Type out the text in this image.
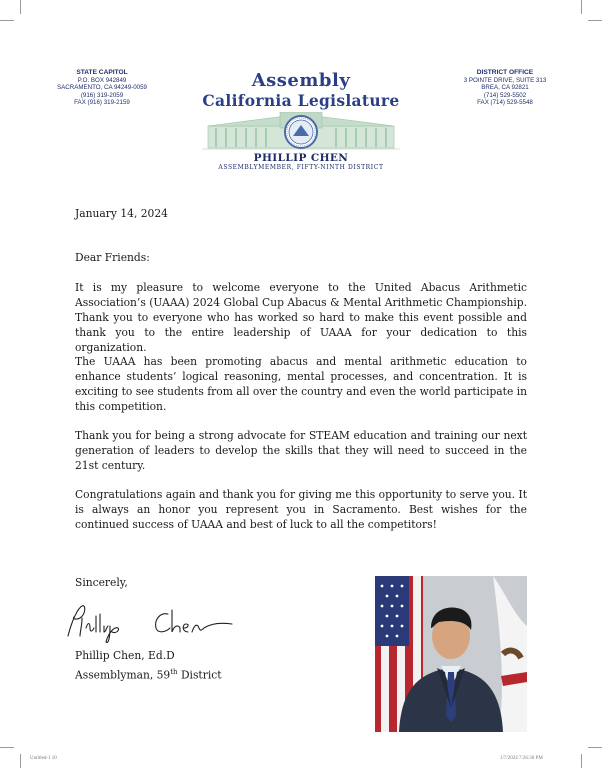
STATE CAPITOL
P.O. BOX 942849
SACRAMENTO, CA 94249-0059
(916) 319-2059
FAX (916) 319-2159
DISTRICT OFFICE
3 POINTE DRIVE, SUITE 313
BREA, CA 92821
(714) 529-5502
FAX (714) 529-5548
Assembly
California Legislature
PHILLIP CHEN
ASSEMBLYMEMBER, FIFTY-NINTH DISTRICT
January 14, 2024
Dear Friends:
It is my pleasure to welcome everyone to the United Abacus Arithmetic Association’s (UAAA) 2024 Global Cup Abacus & Mental Arithmetic Championship. Thank you to everyone who has worked so hard to make this event possible and thank you to the entire leadership of UAAA for your dedication to this organization.
The UAAA has been promoting abacus and mental arithmetic education to enhance students’ logical reasoning, mental processes, and concentration. It is exciting to see students from all over the country and even the world participate in this competition.
Thank you for being a strong advocate for STEAM education and training our next generation of leaders to develop the skills that they will need to succeed in the 21st century.
Congratulations again and thank you for giving me this opportunity to serve you. It is always an honor you represent you in Sacramento. Best wishes for the continued success of UAAA and best of luck to all the competitors!
Sincerely,
Phillip Chen, Ed.D
Assemblyman, 59th District
Untitled-1 10	1/7/2024 7:26:30 PM
